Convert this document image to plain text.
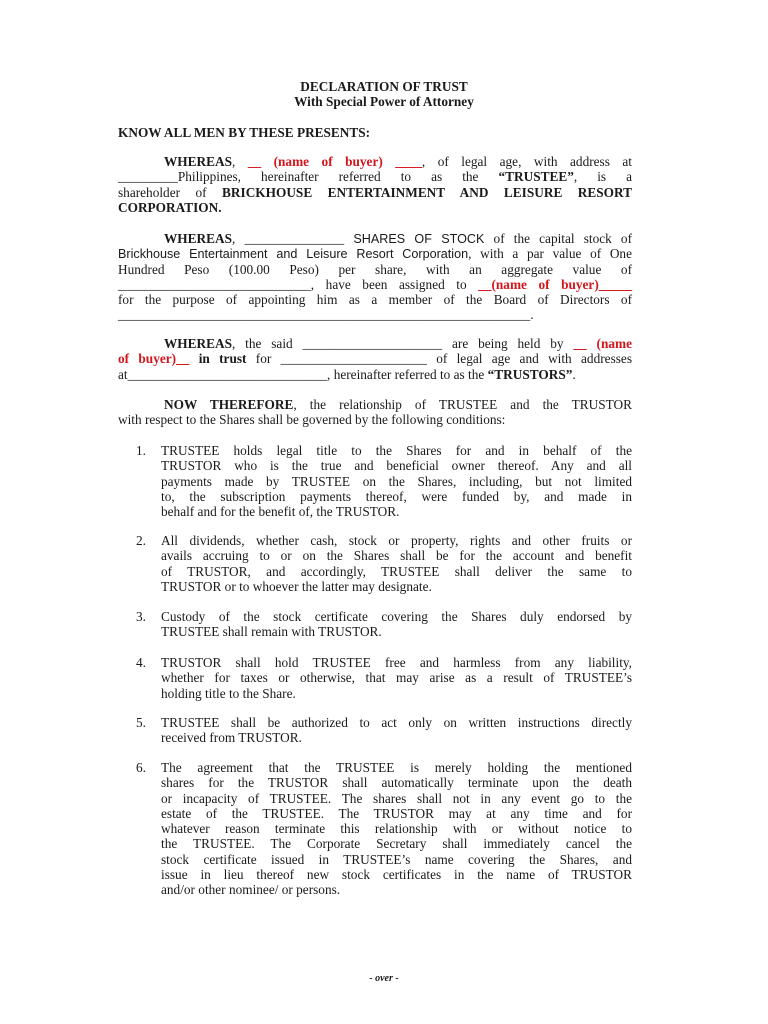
DECLARATION OF TRUST
With Special Power of Attorney
KNOW ALL MEN BY THESE PRESENTS:
WHEREAS, __ (name of buyer) ____, of legal age, with address at
_________Philippines, hereinafter referred to as the “TRUSTEE”, is a
shareholder of BRICKHOUSE ENTERTAINMENT AND LEISURE RESORT
CORPORATION.
WHEREAS, _______________ SHARES OF STOCK of the capital stock of
Brickhouse Entertainment and Leisure Resort Corporation, with a par value of One
Hundred Peso (100.00 Peso) per share, with an aggregate value of
_____________________________, have been assigned to __(name of buyer)_____
for the purpose of appointing him as a member of the Board of Directors of
______________________________________________________________.
WHEREAS, the said _____________________ are being held by __ (name
of buyer)__ in trust for ______________________ of legal age and with addresses
at______________________________, hereinafter referred to as the “TRUSTORS”.
NOW THEREFORE, the relationship of TRUSTEE and the TRUSTOR
with respect to the Shares shall be governed by the following conditions:
1.	TRUSTEE holds legal title to the Shares for and in behalf of the
TRUSTOR who is the true and beneficial owner thereof. Any and all
payments made by TRUSTEE on the Shares, including, but not limited
to, the subscription payments thereof, were funded by, and made in
behalf and for the benefit of, the TRUSTOR.
2.	All dividends, whether cash, stock or property, rights and other fruits or
avails accruing to or on the Shares shall be for the account and benefit
of TRUSTOR, and accordingly, TRUSTEE shall deliver the same to
TRUSTOR or to whoever the latter may designate.
3.	Custody of the stock certificate covering the Shares duly endorsed by
TRUSTEE shall remain with TRUSTOR.
4.	TRUSTOR shall hold TRUSTEE free and harmless from any liability,
whether for taxes or otherwise, that may arise as a result of TRUSTEE’s
holding title to the Share.
5.	TRUSTEE shall be authorized to act only on written instructions directly
received from TRUSTOR.
6.	The agreement that the TRUSTEE is merely holding the mentioned
shares for the TRUSTOR shall automatically terminate upon the death
or incapacity of TRUSTEE. The shares shall not in any event go to the
estate of the TRUSTEE. The TRUSTOR may at any time and for
whatever reason terminate this relationship with or without notice to
the TRUSTEE. The Corporate Secretary shall immediately cancel the
stock certificate issued in TRUSTEE’s name covering the Shares, and
issue in lieu thereof new stock certificates in the name of TRUSTOR
and/or other nominee/ or persons.
- over -
